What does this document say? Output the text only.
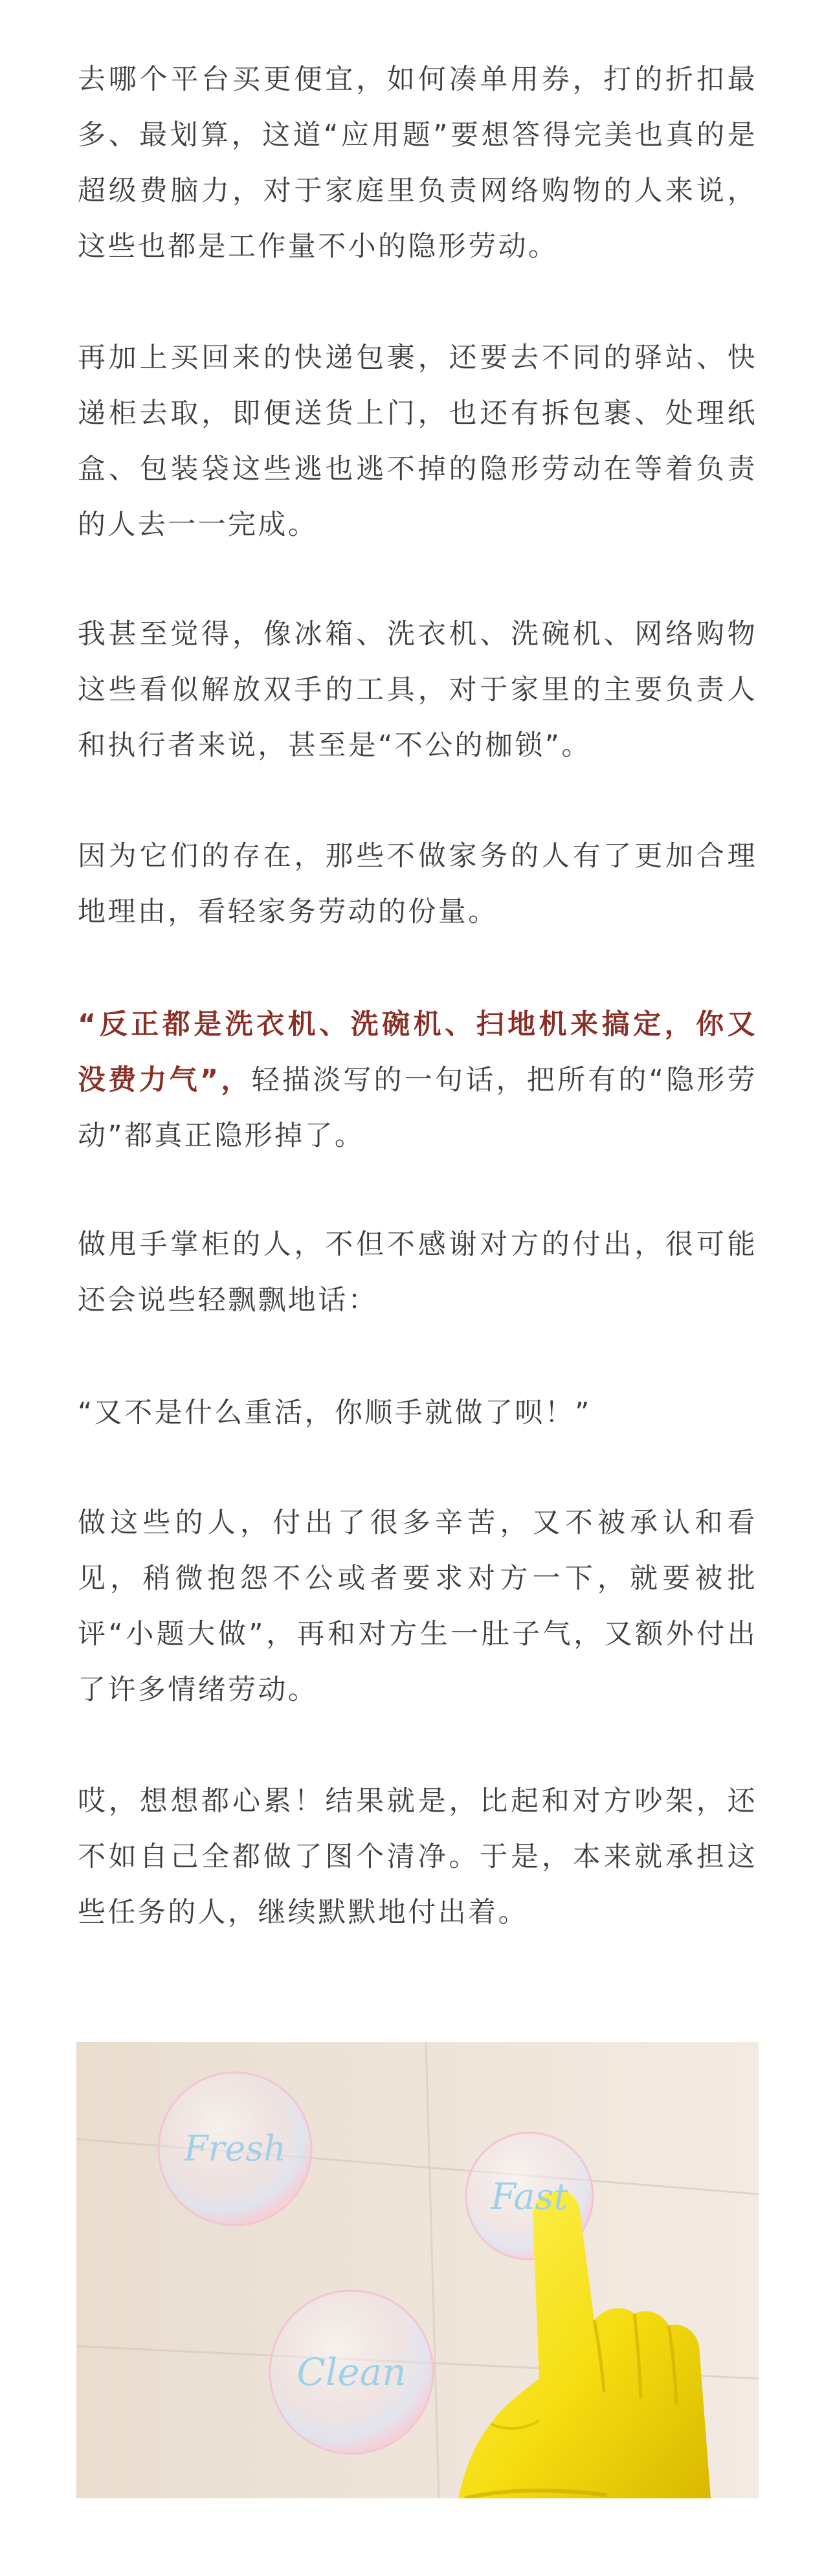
去哪个平台买更便宜，如何凑单用券，打的折扣最多、最划算，这道“应用题”要想答得完美也真的是超级费脑力，对于家庭里负责网络购物的人来说，这些也都是工作量不小的隐形劳动。

再加上买回来的快递包裹，还要去不同的驿站、快递柜去取，即便送货上门，也还有拆包裹、处理纸盒、包装袋这些逃也逃不掉的隐形劳动在等着负责的人去一一完成。

我甚至觉得，像冰箱、洗衣机、洗碗机、网络购物这些看似解放双手的工具，对于家里的主要负责人和执行者来说，甚至是“不公的枷锁”。

因为它们的存在，那些不做家务的人有了更加合理地理由，看轻家务劳动的份量。

“反正都是洗衣机、洗碗机、扫地机来搞定，你又没费力气”，轻描淡写的一句话，把所有的“隐形劳动”都真正隐形掉了。

做甩手掌柜的人，不但不感谢对方的付出，很可能还会说些轻飘飘地话：

“又不是什么重活，你顺手就做了呗！”

做这些的人，付出了很多辛苦，又不被承认和看见，稍微抱怨不公或者要求对方一下，就要被批评“小题大做”，再和对方生一肚子气，又额外付出了许多情绪劳动。

哎，想想都心累！结果就是，比起和对方吵架，还不如自己全都做了图个清净。于是，本来就承担这些任务的人，继续默默地付出着。

Fresh
Clean
Fast
